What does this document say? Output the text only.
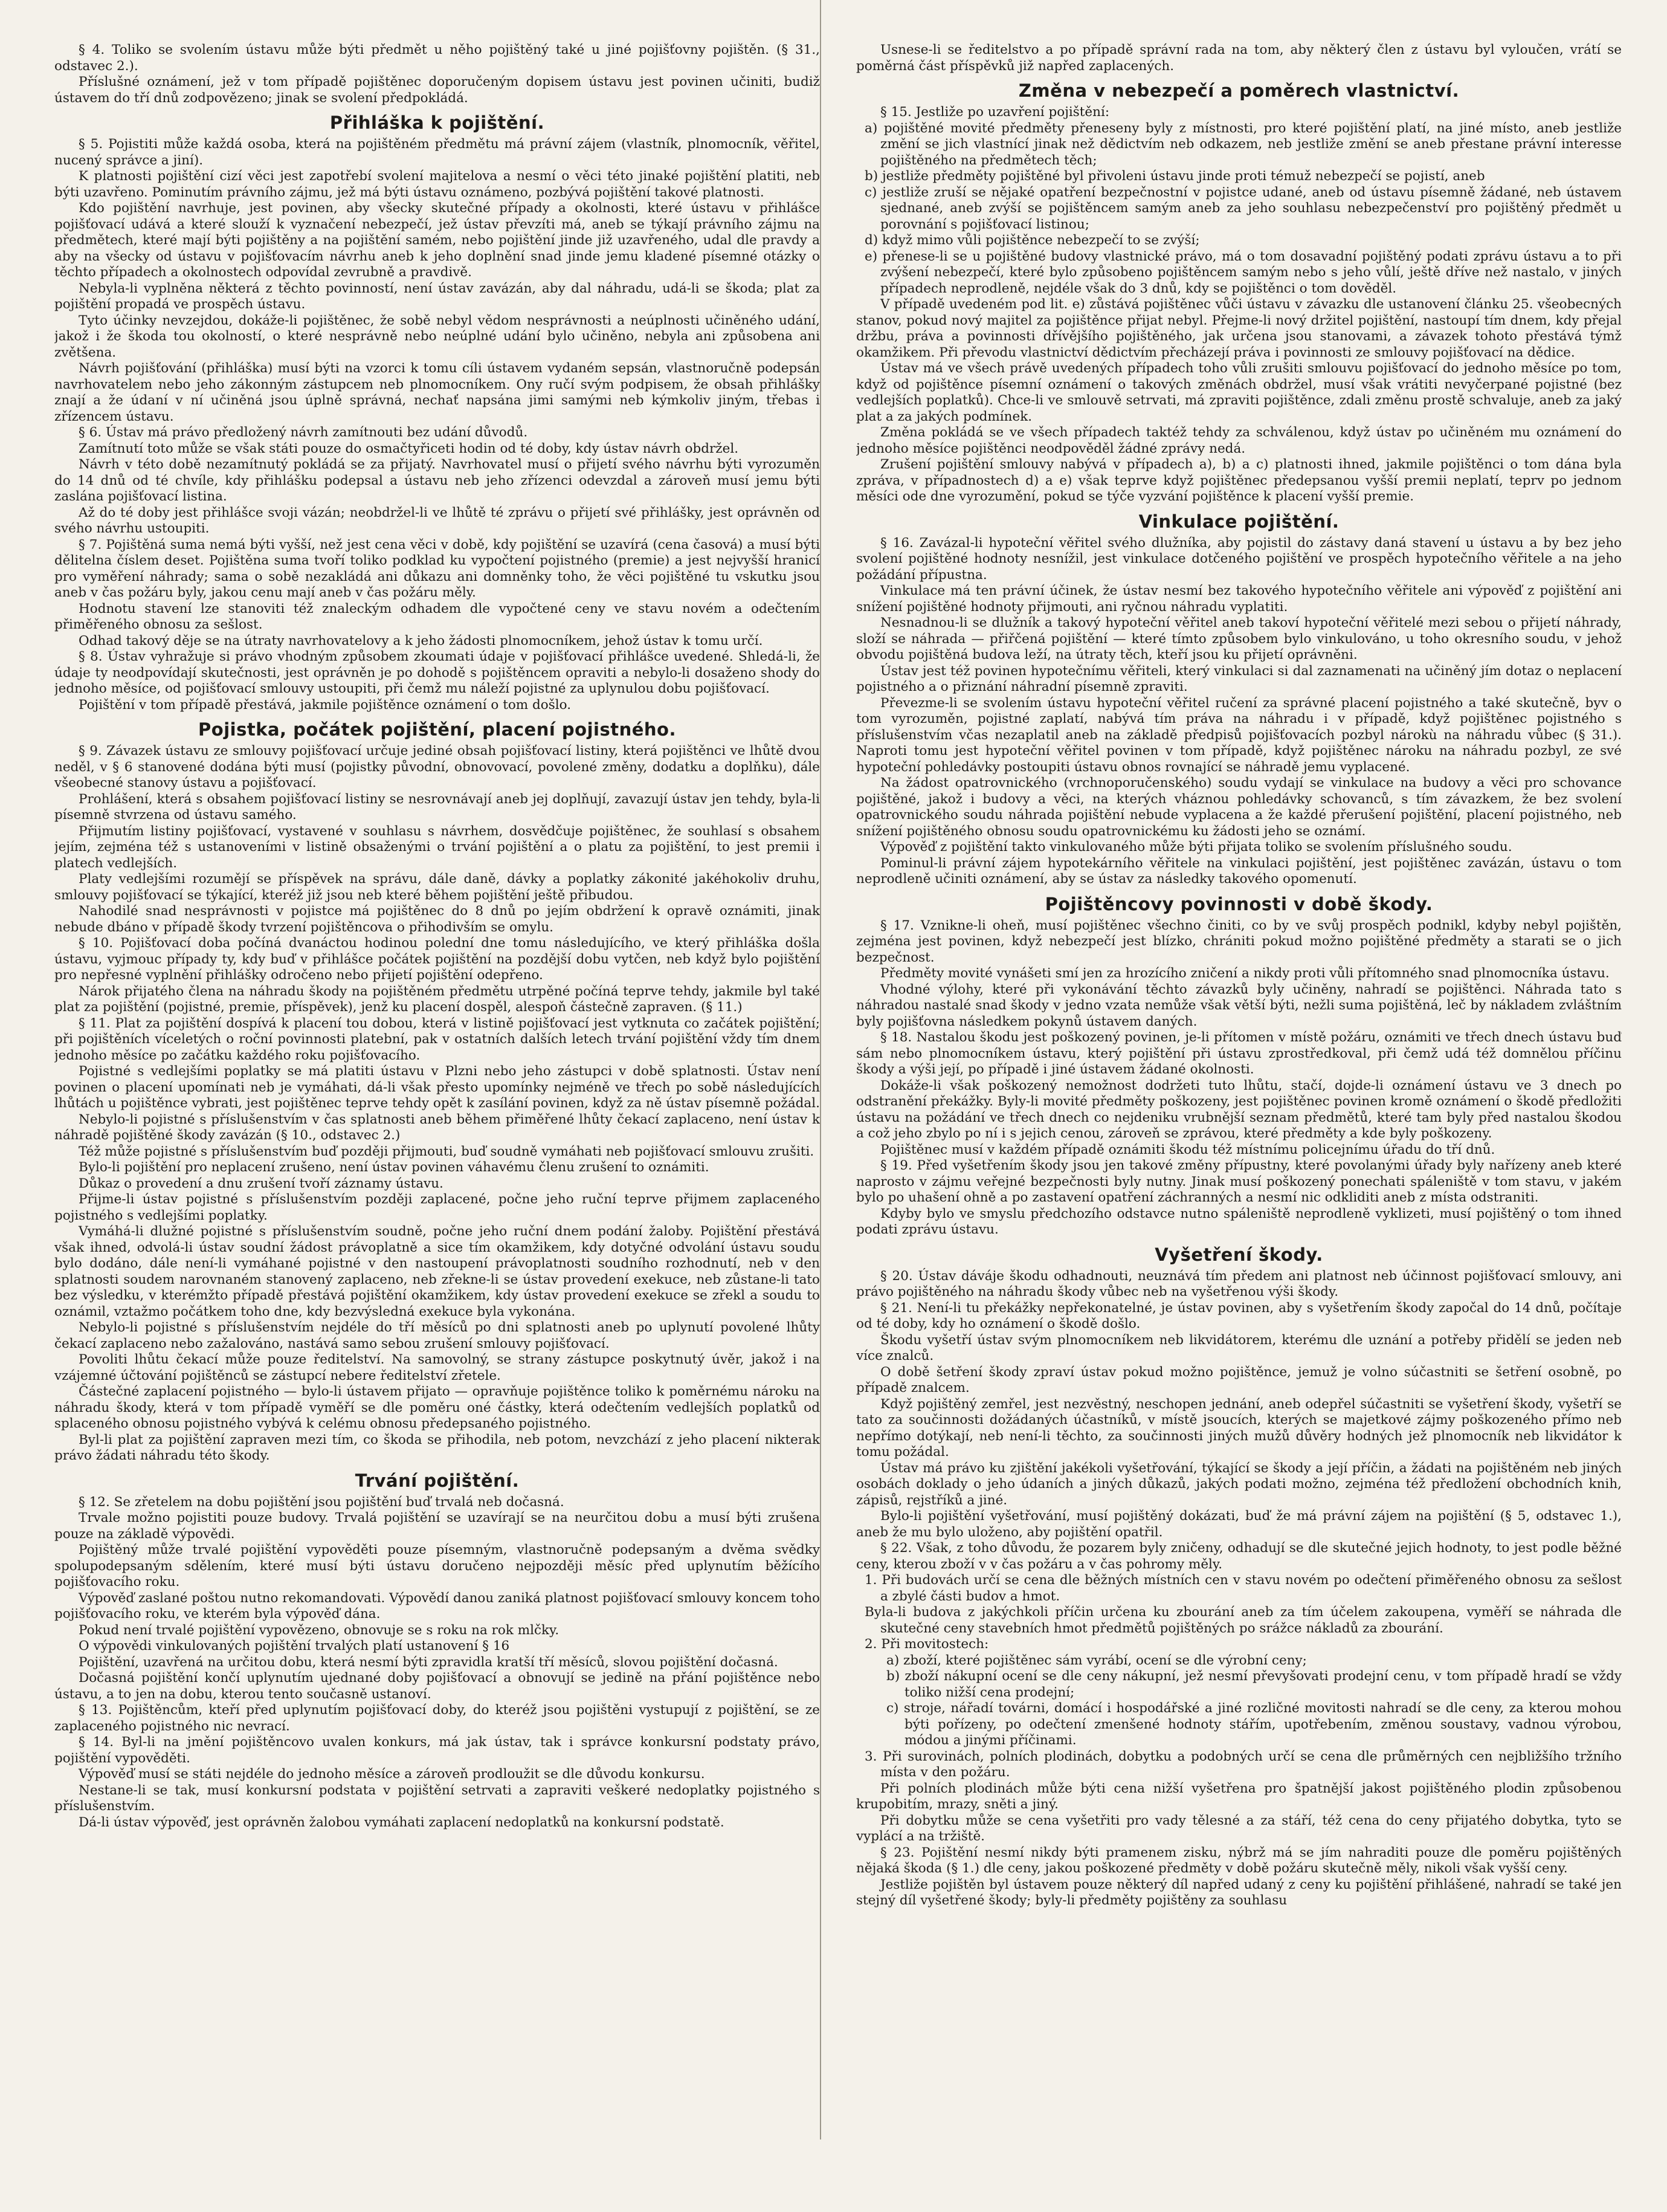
§ 4. Toliko se svolením ústavu může býti předmět u něho pojištěný také u jiné pojišťovny pojištěn. (§ 31., odstavec 2.).

Příslušné oznámení, jež v tom případě pojištěnec doporučeným dopisem ústavu jest povinen učiniti, budiž ústavem do tří dnů zodpovězeno; jinak se svolení předpokládá.

Přihláška k pojištění.

§ 5. Pojistiti může každá osoba, která na pojištěném předmětu má právní zájem (vlastník, plnomocník, věřitel, nucený správce a jiní).

K platnosti pojištění cizí věci jest zapotřebí svolení majitelova a nesmí o věci této jinaké pojištění platiti, neb býti uzavřeno. Pominutím právního zájmu, jež má býti ústavu oznámeno, pozbývá pojištění takové platnosti.

Kdo pojištění navrhuje, jest povinen, aby všecky skutečné případy a okolnosti, které ústavu v přihlášce pojišťovací udává a které slouží k vyznačení nebezpečí, jež ústav převzíti má, aneb se týkají právního zájmu na předmětech, které mají býti pojištěny a na pojištění samém, nebo pojištění jinde již uzavřeného, udal dle pravdy a aby na všecky od ústavu v pojišťovacím návrhu aneb k jeho doplnění snad jinde jemu kladené písemné otázky o těchto případech a okolnostech odpovídal zevrubně a pravdivě.

Nebyla-li vyplněna některá z těchto povinností, není ústav zavázán, aby dal náhradu, udá-li se škoda; plat za pojištění propadá ve prospěch ústavu.

Tyto účinky nevzejdou, dokáže-li pojištěnec, že sobě nebyl vědom nesprávnosti a neúplnosti učiněného udání, jakož i že škoda tou okolností, o které nesprávně nebo neúplné udání bylo učiněno, nebyla ani způsobena ani zvětšena.

Návrh pojišťování (přihláška) musí býti na vzorci k tomu cíli ústavem vydaném sepsán, vlastnoručně podepsán navrhovatelem nebo jeho zákonným zástupcem neb plnomocníkem. Ony ručí svým podpisem, že obsah přihlášky znají a že údaní v ní učiněná jsou úplně správná, nechať napsána jimi samými neb kýmkoliv jiným, třebas i zřízencem ústavu.

§ 6. Ústav má právo předložený návrh zamítnouti bez udání důvodů.

Zamítnutí toto může se však státi pouze do osmačtyřiceti hodin od té doby, kdy ústav návrh obdržel.

Návrh v této době nezamítnutý pokládá se za přijatý. Navrhovatel musí o přijetí svého návrhu býti vyrozuměn do 14 dnů od té chvíle, kdy přihlášku podepsal a ústavu neb jeho zřízenci odevzdal a zároveň musí jemu býti zaslána pojišťovací listina.

Až do té doby jest přihlášce svoji vázán; neobdržel-li ve lhůtě té zprávu o přijetí své přihlášky, jest oprávněn od svého návrhu ustoupiti.

§ 7. Pojištěná suma nemá býti vyšší, než jest cena věci v době, kdy pojištění se uzavírá (cena časová) a musí býti dělitelna číslem deset. Pojištěna suma tvoří toliko podklad ku vypočtení pojistného (premie) a jest nejvyšší hranicí pro vyměření náhrady; sama o sobě nezakládá ani důkazu ani domněnky toho, že věci pojištěné tu vskutku jsou aneb v čas požáru byly, jakou cenu mají aneb v čas požáru měly.

Hodnotu stavení lze stanoviti též znaleckým odhadem dle vypočtené ceny ve stavu novém a odečtením přiměřeného obnosu za sešlost.

Odhad takový děje se na útraty navrhovatelovy a k jeho žádosti plnomocníkem, jehož ústav k tomu určí.

§ 8. Ústav vyhražuje si právo vhodným způsobem zkoumati údaje v pojišťovací přihlášce uvedené. Shledá-li, že údaje ty neodpovídají skutečnosti, jest oprávněn je po dohodě s pojištěncem opraviti a nebylo-li dosaženo shody do jednoho měsíce, od pojišťovací smlouvy ustoupiti, při čemž mu náleží pojistné za uplynulou dobu pojišťovací.

Pojištění v tom případě přestává, jakmile pojištěnce oznámení o tom došlo.

Pojistka, počátek pojištění, placení pojistného.

§ 9. Závazek ústavu ze smlouvy pojišťovací určuje jediné obsah pojišťovací listiny, která pojištěnci ve lhůtě dvou neděl, v § 6 stanovené dodána býti musí (pojistky původní, obnovovací, povolené změny, dodatku a doplňku), dále všeobecné stanovy ústavu a pojišťovací.

Prohlášení, která s obsahem pojišťovací listiny se nesrovnávají aneb jej doplňují, zavazují ústav jen tehdy, byla-li písemně stvrzena od ústavu samého.

Přijmutím listiny pojišťovací, vystavené v souhlasu s návrhem, dosvědčuje pojištěnec, že souhlasí s obsahem jejím, zejména též s ustanoveními v listině obsaženými o trvání pojištění a o platu za pojištění, to jest premii i platech vedlejších.

Platy vedlejšími rozumějí se příspěvek na správu, dále daně, dávky a poplatky zákonité jakéhokoliv druhu, smlouvy pojišťovací se týkající, kteréž již jsou neb které během pojištění ještě přibudou.

Nahodilé snad nesprávnosti v pojistce má pojištěnec do 8 dnů po jejím obdržení k opravě oznámiti, jinak nebude dbáno v případě škody tvrzení pojištěncova o přihodivším se omylu.

§ 10. Pojišťovací doba počíná dvanáctou hodinou polední dne tomu následujícího, ve který přihláška došla ústavu, vyjmouc případy ty, kdy buď v přihlášce počátek pojištění na pozdější dobu vytčen, neb když bylo pojištění pro nepřesné vyplnění přihlášky odročeno nebo přijetí pojištění odepřeno.

Nárok přijatého člena na náhradu škody na pojištěném předmětu utrpěné počíná teprve tehdy, jakmile byl také plat za pojištění (pojistné, premie, příspěvek), jenž ku placení dospěl, alespoň částečně zapraven. (§ 11.)

§ 11. Plat za pojištění dospívá k placení tou dobou, která v listině pojišťovací jest vytknuta co začátek pojištění; při pojištěních víceletých o roční povinnosti platební, pak v ostatních dalších letech trvání pojištění vždy tím dnem jednoho měsíce po začátku každého roku pojišťovacího.

Pojistné s vedlejšími poplatky se má platiti ústavu v Plzni nebo jeho zástupci v době splatnosti. Ústav není povinen o placení upomínati neb je vymáhati, dá-li však přesto upomínky nejméně ve třech po sobě následujících lhůtách u pojištěnce vybrati, jest pojištěnec teprve tehdy opět k zasílání povinen, když za ně ústav písemně požádal.

Nebylo-li pojistné s příslušenstvím v čas splatnosti aneb během přiměřené lhůty čekací zaplaceno, není ústav k náhradě pojištěné škody zavázán (§ 10., odstavec 2.)

Též může pojistné s příslušenstvím buď později přijmouti, buď soudně vymáhati neb pojišťovací smlouvu zrušiti.

Bylo-li pojištění pro neplacení zrušeno, není ústav povinen váhavému členu zrušení to oznámiti.

Důkaz o provedení a dnu zrušení tvoří záznamy ústavu.

Přijme-li ústav pojistné s příslušenstvím později zaplacené, počne jeho ruční teprve přijmem zaplaceného pojistného s vedlejšími poplatky.

Vymáhá-li dlužné pojistné s příslušenstvím soudně, počne jeho ruční dnem podání žaloby. Pojištění přestává však ihned, odvolá-li ústav soudní žádost právoplatně a sice tím okamžikem, kdy dotyčné odvolání ústavu soudu bylo dodáno, dále není-li vymáhané pojistné v den nastoupení právoplatnosti soudního rozhodnutí, neb v den splatnosti soudem narovnaném stanovený zaplaceno, neb zřekne-li se ústav provedení exekuce, neb zůstane-li tato bez výsledku, v kterémžto případě přestává pojištění okamžikem, kdy ústav provedení exekuce se zřekl a soudu to oznámil, vztažmo počátkem toho dne, kdy bezvýsledná exekuce byla vykonána.

Nebylo-li pojistné s příslušenstvím nejdéle do tří měsíců po dni splatnosti aneb po uplynutí povolené lhůty čekací zaplaceno nebo zažalováno, nastává samo sebou zrušení smlouvy pojišťovací.

Povoliti lhůtu čekací může pouze ředitelství. Na samovolný, se strany zástupce poskytnutý úvěr, jakož i na vzájemné účtování pojištěnců se zástupcí nebere ředitelství zřetele.

Částečné zaplacení pojistného — bylo-li ústavem přijato — opravňuje pojištěnce toliko k poměrnému nároku na náhradu škody, která v tom případě vyměří se dle poměru oné částky, která odečtením vedlejších poplatků od splaceného obnosu pojistného vybývá k celému obnosu předepsaného pojistného.

Byl-li plat za pojištění zapraven mezi tím, co škoda se přihodila, neb potom, nevzchází z jeho placení nikterak právo žádati náhradu této škody.

Trvání pojištění.

§ 12. Se zřetelem na dobu pojištění jsou pojištění buď trvalá neb dočasná.

Trvale možno pojistiti pouze budovy. Trvalá pojištění se uzavírají se na neurčitou dobu a musí býti zrušena pouze na základě výpovědi.

Pojištěný může trvalé pojištění vypověděti pouze písemným, vlastnoručně podepsaným a dvěma svědky spolupodepsaným sdělením, které musí býti ústavu doručeno nejpozději měsíc před uplynutím běžícího pojišťovacího roku.

Výpověď zaslané poštou nutno rekomandovati. Výpovědí danou zaniká platnost pojišťovací smlouvy koncem toho pojišťovacího roku, ve kterém byla výpověď dána.

Pokud není trvalé pojištění vypovězeno, obnovuje se s roku na rok mlčky.

O výpovědi vinkulovaných pojištění trvalých platí ustanovení § 16

Pojištění, uzavřená na určitou dobu, která nesmí býti zpravidla kratší tří měsíců, slovou pojištění dočasná.

Dočasná pojištění končí uplynutím ujednané doby pojišťovací a obnovují se jedině na přání pojištěnce nebo ústavu, a to jen na dobu, kterou tento současně ustanoví.

§ 13. Pojištěncům, kteří před uplynutím pojišťovací doby, do kteréž jsou pojištěni vystupují z pojištění, se ze zaplaceného pojistného nic nevrací.

§ 14. Byl-li na jmění pojištěncovo uvalen konkurs, má jak ústav, tak i správce konkursní podstaty právo, pojištění vypověděti.

Výpověď musí se státi nejdéle do jednoho měsíce a zároveň prodloužit se dle důvodu konkursu.

Nestane-li se tak, musí konkursní podstata v pojištění setrvati a zapraviti veškeré nedoplatky pojistného s příslušenstvím.

Dá-li ústav výpověď, jest oprávněn žalobou vymáhati zaplacení nedoplatků na konkursní podstatě.

Usnese-li se ředitelstvo a po případě správní rada na tom, aby některý člen z ústavu byl vyloučen, vrátí se poměrná část příspěvků již napřed zaplacených.

Změna v nebezpečí a poměrech vlastnictví.

§ 15. Jestliže po uzavření pojištění:

a) pojištěné movité předměty přeneseny byly z místnosti, pro které pojištění platí, na jiné místo, aneb jestliže změní se jich vlastnící jinak než dědictvím neb odkazem, neb jestliže změní se aneb přestane právní interesse pojištěného na předmětech těch;

b) jestliže předměty pojištěné byl přivoleni ústavu jinde proti témuž nebezpečí se pojistí, aneb

c) jestliže zruší se nějaké opatření bezpečnostní v pojistce udané, aneb od ústavu písemně žádané, neb ústavem sjednané, aneb zvýší se pojištěncem samým aneb za jeho souhlasu nebezpečenství pro pojištěný předmět u porovnání s pojišťovací listinou;

d) když mimo vůli pojištěnce nebezpečí to se zvýší;

e) přenese-li se u pojištěné budovy vlastnické právo, má o tom dosavadní pojištěný podati zprávu ústavu a to při zvýšení nebezpečí, které bylo způsobeno pojištěncem samým nebo s jeho vůlí, ještě dříve než nastalo, v jiných případech neprodleně, nejdéle však do 3 dnů, kdy se pojištěnci o tom dověděl.

V případě uvedeném pod lit. e) zůstává pojištěnec vůči ústavu v závazku dle ustanovení článku 25. všeobecných stanov, pokud nový majitel za pojištěnce přijat nebyl. Přejme-li nový držitel pojištění, nastoupí tím dnem, kdy přejal držbu, práva a povinnosti dřívějšího pojištěného, jak určena jsou stanovami, a závazek tohoto přestává týmž okamžikem. Při převodu vlastnictví dědictvím přecházejí práva i povinnosti ze smlouvy pojišťovací na dědice.

Ústav má ve všech právě uvedených případech toho vůli zrušiti smlouvu pojišťovací do jednoho měsíce po tom, když od pojištěnce písemní oznámení o takových změnách obdržel, musí však vrátiti nevyčerpané pojistné (bez vedlejších poplatků). Chce-li ve smlouvě setrvati, má zpraviti pojištěnce, zdali změnu prostě schvaluje, aneb za jaký plat a za jakých podmínek.

Změna pokládá se ve všech případech taktéž tehdy za schválenou, když ústav po učiněném mu oznámení do jednoho měsíce pojištěnci neodpověděl žádné zprávy nedá.

Zrušení pojištění smlouvy nabývá v případech a), b) a c) platnosti ihned, jakmile pojištěnci o tom dána byla zpráva, v případnostech d) a e) však teprve když pojištěnec předepsanou vyšší premii neplatí, teprv po jednom měsíci ode dne vyrozumění, pokud se týče vyzvání pojištěnce k placení vyšší premie.

Vinkulace pojištění.

§ 16. Zavázal-li hypoteční věřitel svého dlužníka, aby pojistil do zástavy daná stavení u ústavu a by bez jeho svolení pojištěné hodnoty nesnížil, jest vinkulace dotčeného pojištění ve prospěch hypotečního věřitele a na jeho požádání přípustna.

Vinkulace má ten právní účinek, že ústav nesmí bez takového hypotečního věřitele ani výpověď z pojištění ani snížení pojištěné hodnoty přijmouti, ani ryčnou náhradu vyplatiti.

Nesnadnou-li se dlužník a takový hypoteční věřitel aneb takoví hypoteční věřitelé mezi sebou o přijetí náhrady, složí se náhrada — přiřčená pojištění — které tímto způsobem bylo vinkulováno, u toho okresního soudu, v jehož obvodu pojištěná budova leží, na útraty těch, kteří jsou ku přijetí oprávněni.

Ústav jest též povinen hypotečnímu věřiteli, který vinkulaci si dal zaznamenati na učiněný jím dotaz o neplacení pojistného a o přiznání náhradní písemně zpraviti.

Převezme-li se svolením ústavu hypoteční věřitel ručení za správné placení pojistného a také skutečně, byv o tom vyrozuměn, pojistné zaplatí, nabývá tím práva na náhradu i v případě, když pojištěnec pojistného s příslušenstvím včas nezaplatil aneb na základě předpisů pojišťovacích pozbyl nárokù na náhradu vůbec (§ 31.). Naproti tomu jest hypoteční věřitel povinen v tom případě, když pojištěnec nároku na náhradu pozbyl, ze své hypoteční pohledávky postoupiti ústavu obnos rovnající se náhradě jemu vyplacené.

Na žádost opatrovnického (vrchnoporučenského) soudu vydají se vinkulace na budovy a věci pro schovance pojištěné, jakož i budovy a věci, na kterých vháznou pohledávky schovanců, s tím závazkem, že bez svolení opatrovnického soudu náhrada pojištění nebude vyplacena a že každé přerušení pojištění, placení pojistného, neb snížení pojištěného obnosu soudu opatrovnickému ku žádosti jeho se oznámí.

Výpověď z pojištění takto vinkulovaného může býti přijata toliko se svolením příslušného soudu.

Pominul-li právní zájem hypotekárního věřitele na vinkulaci pojištění, jest pojištěnec zavázán, ústavu o tom neprodleně učiniti oznámení, aby se ústav za následky takového opomenutí.

Pojištěncovy povinnosti v době škody.

§ 17. Vznikne-li oheň, musí pojištěnec všechno činiti, co by ve svůj prospěch podnikl, kdyby nebyl pojištěn, zejména jest povinen, když nebezpečí jest blízko, chrániti pokud možno pojištěné předměty a starati se o jich bezpečnost.

Předměty movité vynášeti smí jen za hrozícího zničení a nikdy proti vůli přítomného snad plnomocníka ústavu.

Vhodné výlohy, které při vykonávání těchto závazků byly učiněny, nahradí se pojištěnci. Náhrada tato s náhradou nastalé snad škody v jedno vzata nemůže však větší býti, nežli suma pojištěná, leč by nákladem zvláštním byly pojišťovna následkem pokynů ústavem daných.

§ 18. Nastalou škodu jest poškozený povinen, je-li přítomen v místě požáru, oznámiti ve třech dnech ústavu buď sám nebo plnomocníkem ústavu, který pojištění při ústavu zprostředkoval, při čemž udá též domnělou příčinu škody a výši její, po případě i jiné ústavem žádané okolnosti.

Dokáže-li však poškozený nemožnost dodržeti tuto lhůtu, stačí, dojde-li oznámení ústavu ve 3 dnech po odstranění překážky. Byly-li movité předměty poškozeny, jest pojištěnec povinen kromě oznámení o škodě předložiti ústavu na požádání ve třech dnech co nejdeniku vrubnější seznam předmětů, které tam byly před nastalou škodou a což jeho zbylo po ní i s jejich cenou, zároveň se zprávou, které předměty a kde byly poškozeny.

Pojištěnec musí v každém případě oznámiti škodu též místnímu policejnímu úřadu do tří dnů.

§ 19. Před vyšetřením škody jsou jen takové změny přípustny, které povolanými úřady byly nařízeny aneb které naprosto v zájmu veřejné bezpečnosti byly nutny. Jinak musí poškozený ponechati spáleniště v tom stavu, v jakém bylo po uhašení ohně a po zastavení opatření záchranných a nesmí nic odkliditi aneb z místa odstraniti.

Kdyby bylo ve smyslu předchozího odstavce nutno spáleniště neprodleně vyklizeti, musí pojištěný o tom ihned podati zprávu ústavu.

Vyšetření škody.

§ 20. Ústav dáváje škodu odhadnouti, neuznává tím předem ani platnost neb účinnost pojišťovací smlouvy, ani právo pojištěného na náhradu škody vůbec neb na vyšetřenou výši škody.

§ 21. Není-li tu překážky nepřekonatelné, je ústav povinen, aby s vyšetřením škody započal do 14 dnů, počítaje od té doby, kdy ho oznámení o škodě došlo.

Škodu vyšetří ústav svým plnomocníkem neb likvidátorem, kterému dle uznání a potřeby přidělí se jeden neb více znalců.

O době šetření škody zpraví ústav pokud možno pojištěnce, jemuž je volno súčastniti se šetření osobně, po případě znalcem.

Když pojištěný zemřel, jest nezvěstný, neschopen jednání, aneb odepřel súčastniti se vyšetření škody, vyšetří se tato za součinnosti dožádaných účastníků, v místě jsoucích, kterých se majetkové zájmy poškozeného přímo neb nepřímo dotýkají, neb není-li těchto, za součinnosti jiných mužů důvěry hodných jež plnomocník neb likvidátor k tomu požádal.

Ústav má právo ku zjištění jakékoli vyšetřování, týkající se škody a její příčin, a žádati na pojištěném neb jiných osobách doklady o jeho údaních a jiných důkazů, jakých podati možno, zejména též předložení obchodních knih, zápisů, rejstříků a jiné.

Bylo-li pojištění vyšetřování, musí pojištěný dokázati, buď že má právní zájem na pojištění (§ 5, odstavec 1.), aneb že mu bylo uloženo, aby pojištění opatřil.

§ 22. Však, z toho důvodu, že pozarem byly zničeny, odhadují se dle skutečné jejich hodnoty, to jest podle běžné ceny, kterou zboží v v čas požáru a v čas pohromy měly.

1. Při budovách určí se cena dle běžných místních cen v stavu novém po odečtení přiměřeného obnosu za sešlost a zbylé části budov a hmot.

Byla-li budova z jakýchkoli příčin určena ku zbourání aneb za tím účelem zakoupena, vyměří se náhrada dle skutečné ceny stavebních hmot předmětů pojištěných po srážce nákladů za zbourání.

2. Při movitostech:

a) zboží, které pojištěnec sám vyrábí, ocení se dle výrobní ceny;

b) zboží nákupní ocení se dle ceny nákupní, jež nesmí převyšovati prodejní cenu, v tom případě hradí se vždy toliko nižší cena prodejní;

c) stroje, nářadí továrni, domácí i hospodářské a jiné rozličné movitosti nahradí se dle ceny, za kterou mohou býti pořízeny, po odečtení zmenšené hodnoty stářím, upotřebením, změnou soustavy, vadnou výrobou, módou a jinými příčinami.

3. Při surovinách, polních plodinách, dobytku a podobných určí se cena dle průměrných cen nejbližšího tržního místa v den požáru.

Při polních plodinách může býti cena nižší vyšetřena pro špatnější jakost pojištěného plodin způsobenou krupobitím, mrazy, sněti a jiný.

Při dobytku může se cena vyšetřiti pro vady tělesné a za stáří, též cena do ceny přijatého dobytka, tyto se vyplácí a na tržiště.

§ 23. Pojištění nesmí nikdy býti pramenem zisku, nýbrž má se jím nahraditi pouze dle poměru pojištěných nějaká škoda (§ 1.) dle ceny, jakou poškozené předměty v době požáru skutečně měly, nikoli však vyšší ceny.

Jestliže pojištěn byl ústavem pouze některý díl napřed udaný z ceny ku pojištění přihlášené, nahradí se také jen stejný díl vyšetřené škody; byly-li předměty pojištěny za souhlasu
